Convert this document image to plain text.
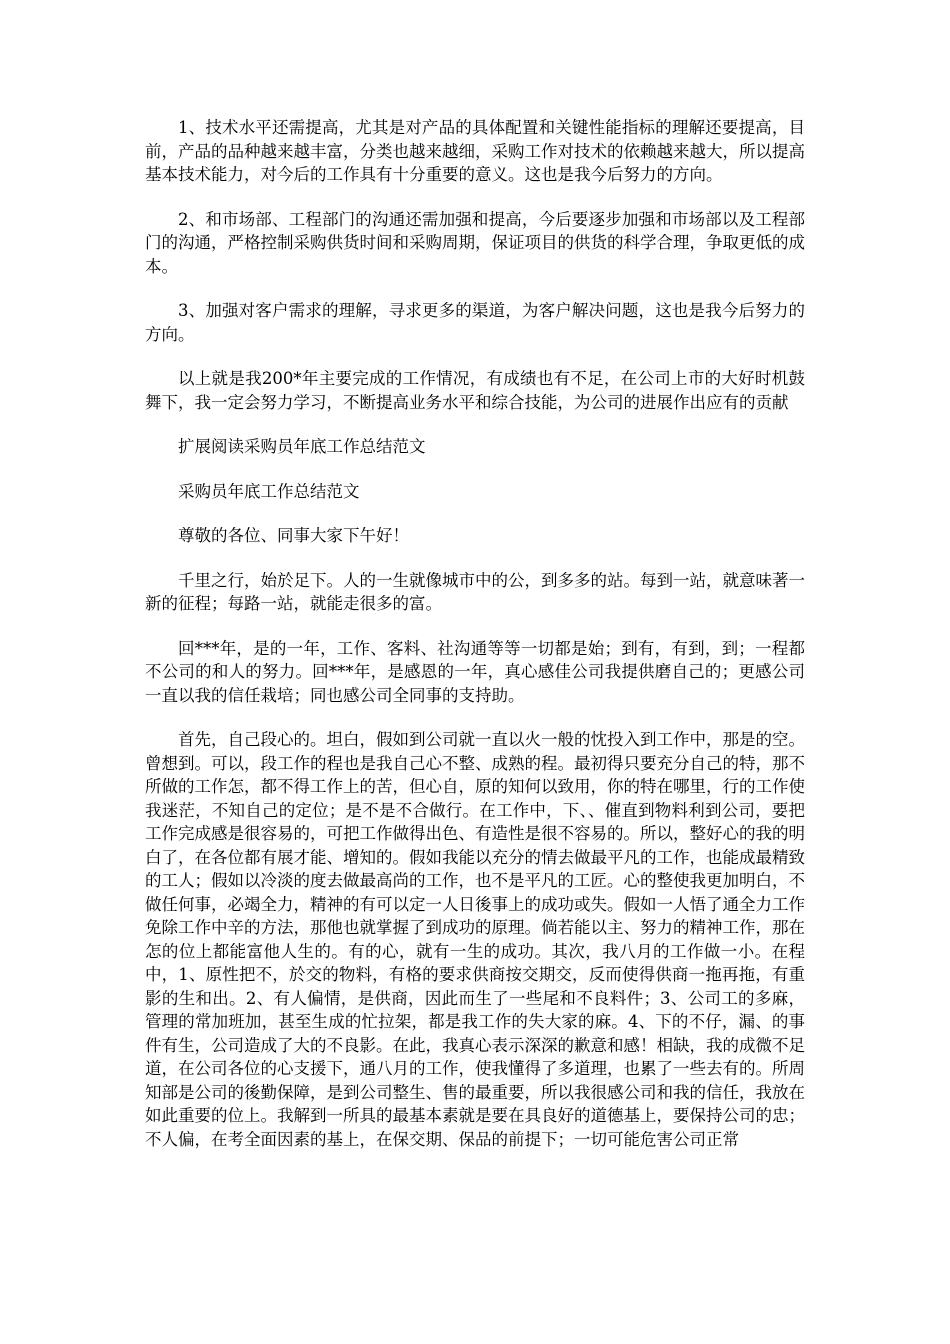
1、技术水平还需提高，尤其是对产品的具体配置和关键性能指标的理解还要提高，目前，产品的品种越来越丰富，分类也越来越细，采购工作对技术的依赖越来越大，所以提高基本技术能力，对今后的工作具有十分重要的意义。这也是我今后努力的方向。

2、和市场部、工程部门的沟通还需加强和提高，今后要逐步加强和市场部以及工程部门的沟通，严格控制采购供货时间和采购周期，保证项目的供货的科学合理，争取更低的成本。

3、加强对客户需求的理解，寻求更多的渠道，为客户解决问题，这也是我今后努力的方向。

以上就是我200*年主要完成的工作情况，有成绩也有不足，在公司上市的大好时机鼓舞下，我一定会努力学习，不断提高业务水平和综合技能，为公司的进展作出应有的贡献

扩展阅读采购员年底工作总结范文

采购员年底工作总结范文

尊敬的各位、同事大家下午好！

千里之行，始於足下。人的一生就像城市中的公，到多多的站。每到一站，就意味著一新的征程；每路一站，就能走很多的富。

回***年，是的一年，工作、客料、社沟通等等一切都是始；到有，有到，到；一程都不公司的和人的努力。回***年，是感恩的一年，真心感佳公司我提供磨自己的；更感公司一直以我的信任栽培；同也感公司全同事的支持助。

首先，自己段心的。坦白，假如到公司就一直以火一般的忱投入到工作中，那是的空。曾想到。可以，段工作的程也是我自己心不整、成熟的程。最初得只要充分自己的特，那不所做的工作怎，都不得工作上的苦，但心自，原的知何以致用，你的特在哪里，行的工作使我迷茫，不知自己的定位；是不是不合做行。在工作中，下、、催直到物料利到公司，要把工作完成感是很容易的，可把工作做得出色、有造性是很不容易的。所以，整好心的我的明白了，在各位都有展才能、增知的。假如我能以充分的情去做最平凡的工作，也能成最精致的工人；假如以冷淡的度去做最高尚的工作，也不是平凡的工匠。心的整使我更加明白，不做任何事，必竭全力，精神的有可以定一人日後事上的成功或失。假如一人悟了通全力工作免除工作中辛的方法，那他也就掌握了到成功的原理。倘若能以主、努力的精神工作，那在怎的位上都能富他人生的。有的心，就有一生的成功。其次，我八月的工作做一小。在程中，1、原性把不，於交的物料，有格的要求供商按交期交，反而使得供商一拖再拖，有重影的生和出。2、有人偏情，是供商，因此而生了一些尾和不良料件；3、公司工的多麻，管理的常加班加，甚至生成的忙拉架，都是我工作的失大家的麻。4、下的不仔，漏、的事件有生，公司造成了大的不良影。在此，我真心表示深深的歉意和感！相缺，我的成微不足道，在公司各位的心支援下，通八月的工作，使我懂得了多道理，也累了一些去有的。所周知部是公司的後勤保障，是到公司整生、售的最重要，所以我很感公司和我的信任，我放在如此重要的位上。我解到一所具的最基本素就是要在具良好的道德基上，要保持公司的忠；不人偏，在考全面因素的基上，在保交期、保品的前提下；一切可能危害公司正常
